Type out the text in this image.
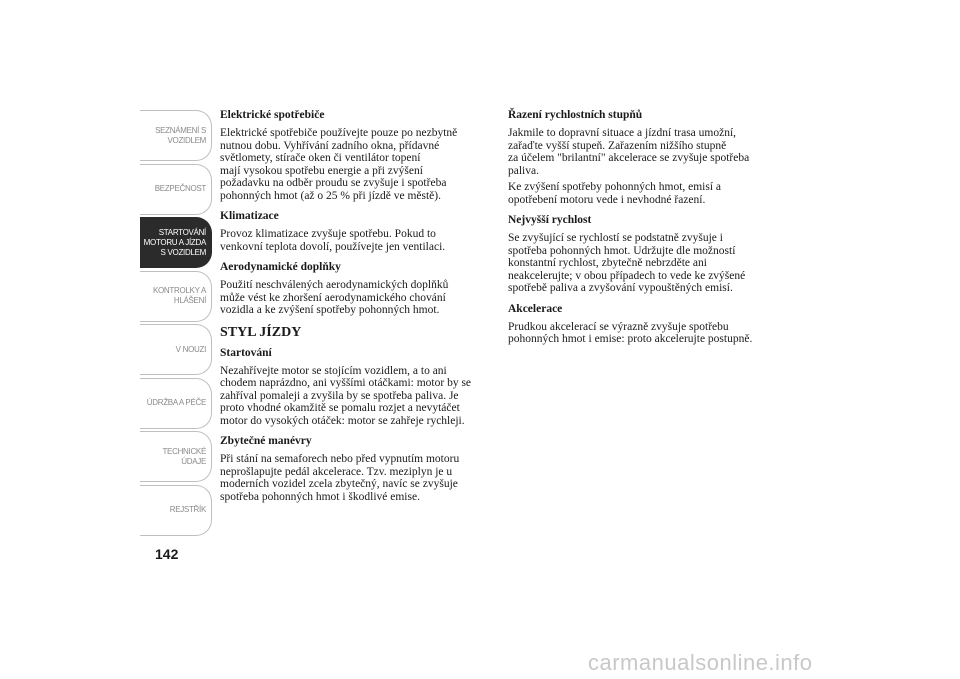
SEZNÁMENÍ S
VOZIDLEM
BEZPEČNOST
STARTOVÁNÍ
MOTORU A JÍZDA
S VOZIDLEM
KONTROLKY A
HLÁŠENÍ
V NOUZI
ÚDRŽBA A PÉČE
TECHNICKÉ
ÚDAJE
REJSTŘÍK
142
Elektrické spotřebiče
Elektrické spotřebiče používejte pouze po nezbytně
nutnou dobu. Vyhřívání zadního okna, přídavné
světlomety, stírače oken či ventilátor topení
mají vysokou spotřebu energie a při zvýšení
požadavku na odběr proudu se zvyšuje i spotřeba
pohonných hmot (až o 25 % při jízdě ve městě).
Klimatizace
Provoz klimatizace zvyšuje spotřebu. Pokud to
venkovní teplota dovolí, používejte jen ventilaci.
Aerodynamické doplňky
Použití neschválených aerodynamických doplňků
může vést ke zhoršení aerodynamického chování
vozidla a ke zvýšení spotřeby pohonných hmot.
STYL JÍZDY
Startování
Nezahřívejte motor se stojícím vozidlem, a to ani
chodem naprázdno, ani vyššími otáčkami: motor by se
zahříval pomaleji a zvyšila by se spotřeba paliva. Je
proto vhodné okamžitě se pomalu rozjet a nevytáčet
motor do vysokých otáček: motor se zahřeje rychleji.
Zbytečné manévry
Při stání na semaforech nebo před vypnutím motoru
neprošlapujte pedál akcelerace. Tzv. meziplyn je u
moderních vozidel zcela zbytečný, navíc se zvyšuje
spotřeba pohonných hmot i škodlivé emise.
Řazení rychlostních stupňů
Jakmile to dopravní situace a jízdní trasa umožní,
zařaďte vyšší stupeň. Zařazením nižšího stupně
za účelem "brilantní" akcelerace se zvyšuje spotřeba
paliva.
Ke zvýšení spotřeby pohonných hmot, emisí a
opotřebení motoru vede i nevhodné řazení.
Nejvyšší rychlost
Se zvyšující se rychlostí se podstatně zvyšuje i
spotřeba pohonných hmot. Udržujte dle možností
konstantní rychlost, zbytečně nebrzděte ani
neakcelerujte; v obou případech to vede ke zvýšené
spotřebě paliva a zvyšování vypouštěných emisí.
Akcelerace
Prudkou akcelerací se výrazně zvyšuje spotřebu
pohonných hmot i emise: proto akcelerujte postupně.
carmanualsonline.info
